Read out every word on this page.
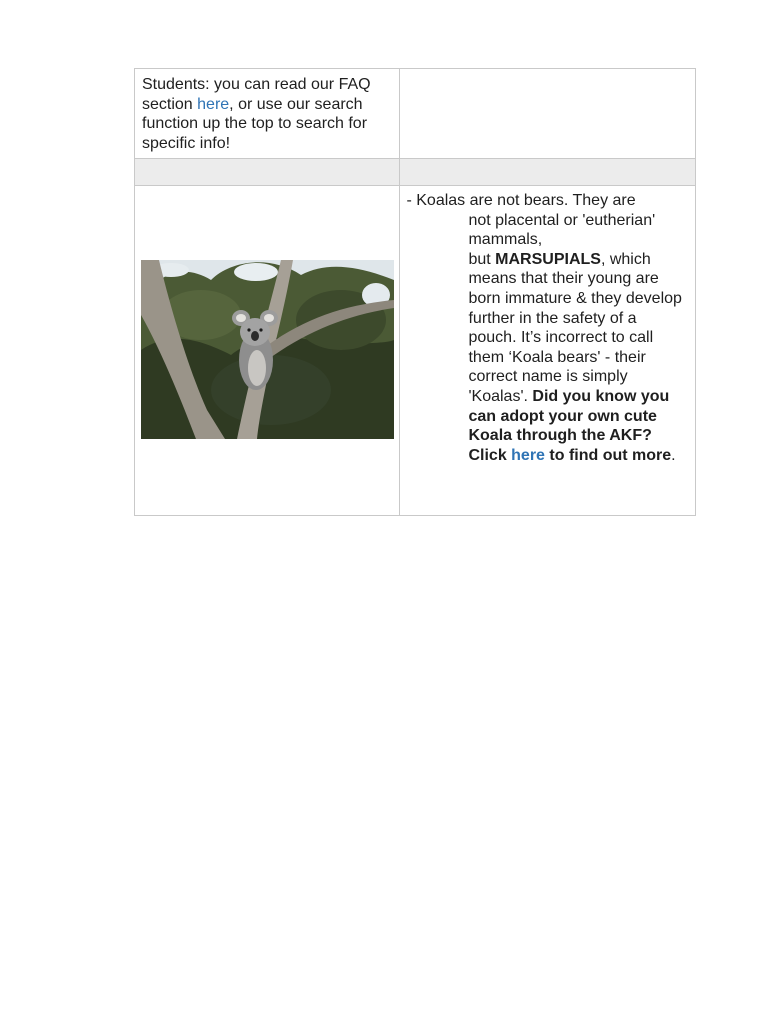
Students: you can read our FAQ section here, or use our search function up the top to search for specific info!	

- Koalas are not bears. They are
not placental or 'eutherian' mammals,
but MARSUPIALS, which means that their young are born immature & they develop further in the safety of a pouch. It’s incorrect to call them ‘Koala bears' - their correct name is simply 'Koalas'. Did you know you can adopt your own cute Koala through the AKF? Click here to find out more.
